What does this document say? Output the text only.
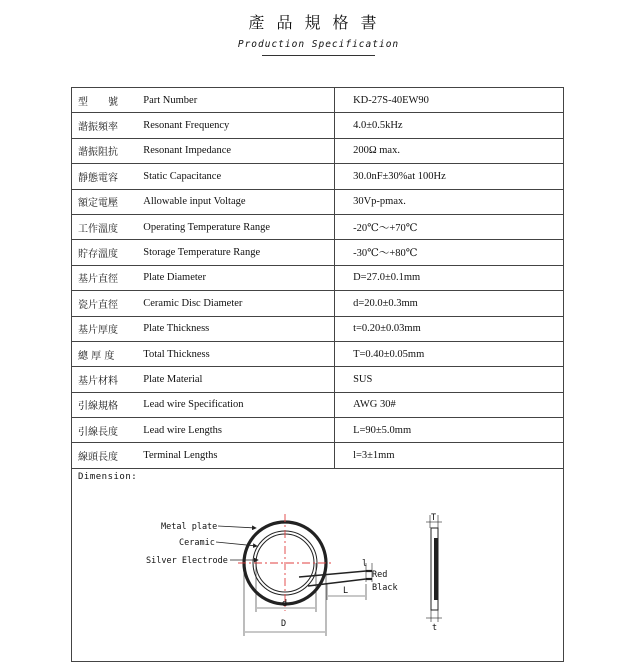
產品規格書
Production Specification
型　　號	Part Number	KD-27S-40EW90
諧振頻率	Resonant Frequency	4.0±0.5kHz
諧振阻抗	Resonant Impedance	200Ω max.
靜態電容	Static Capacitance	30.0nF±30%at 100Hz
額定電壓	Allowable input Voltage	30Vp-pmax.
工作溫度	Operating Temperature Range	-20℃～+70℃
貯存溫度	Storage Temperature Range	-30℃～+80℃
基片直徑	Plate Diameter	D=27.0±0.1mm
瓷片直徑	Ceramic Disc Diameter	d=20.0±0.3mm
基片厚度	Plate Thickness	t=0.20±0.03mm
總 厚 度	Total Thickness	T=0.40±0.05mm
基片材料	Plate Material	SUS
引線規格	Lead wire Specification	AWG 30#
引線長度	Lead wire Lengths	L=90±5.0mm
線頭長度	Terminal Lengths	l=3±1mm
Dimension:
Metal plate
Ceramic
Silver Electrode
Red
Black
D
d
L
l
T
t
